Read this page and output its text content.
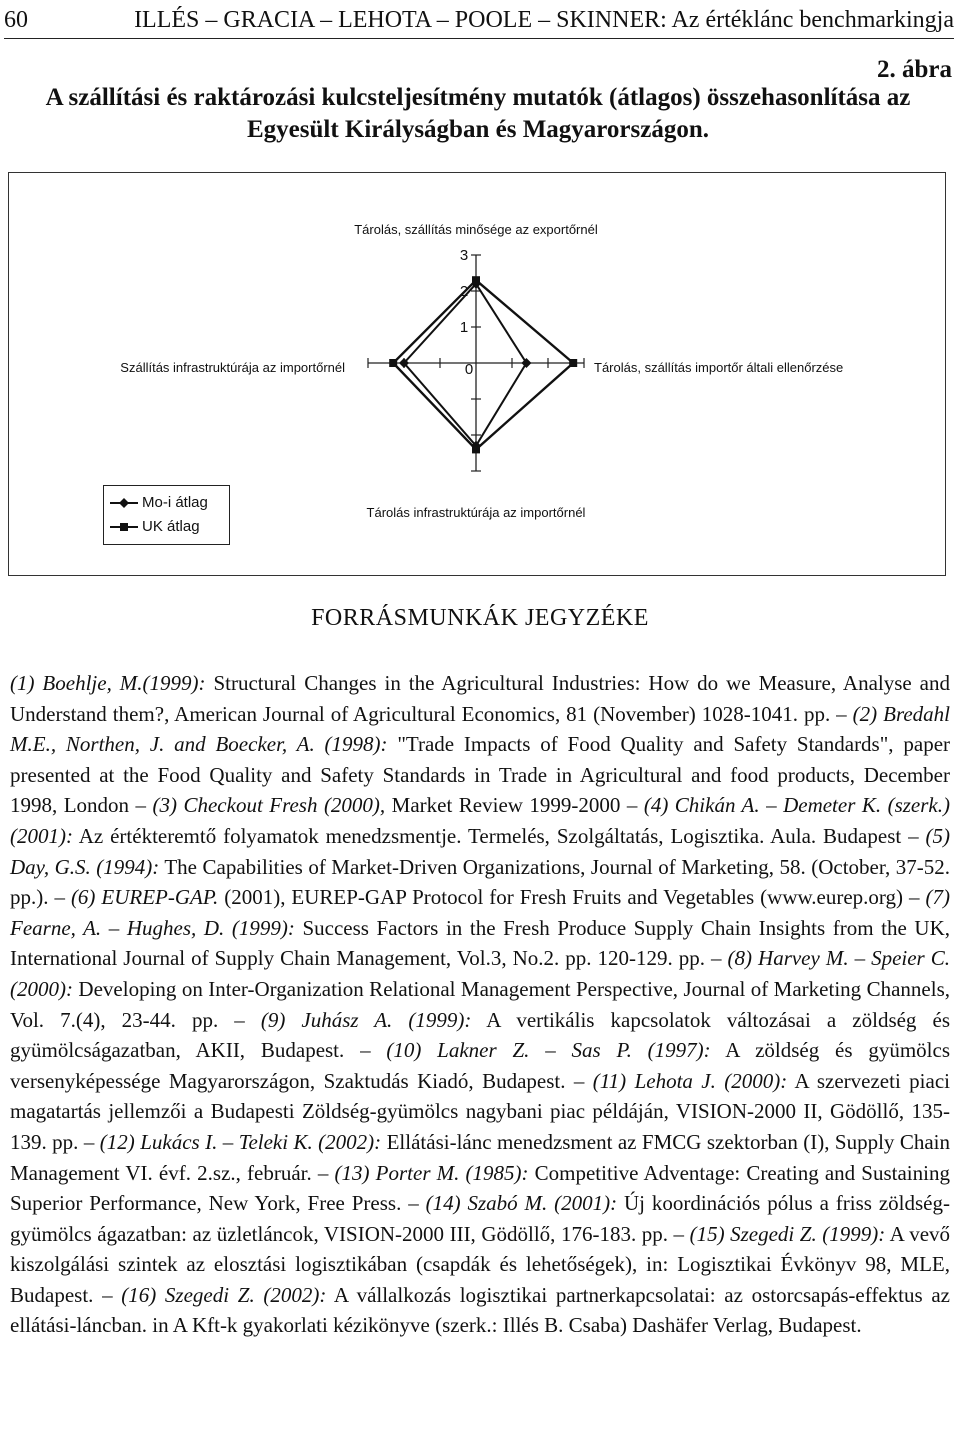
60	ILLÉS – GRACIA – LEHOTA – POOLE – SKINNER: Az értéklánc benchmarkingja
2. ábra
A szállítási és raktározási kulcsteljesítmény mutatók (átlagos) összehasonlítása az Egyesült Királyságban és Magyarországon.
0
1
2
3
Tárolás, szállítás minősége az exportőrnél
Tárolás, szállítás importőr általi ellenőrzése
Tárolás infrastruktúrája az importőrnél
Szállítás infrastruktúrája az importőrnél
Mo-i átlag
UK átlag
FORRÁSMUNKÁK JEGYZÉKE
(1) Boehlje, M.(1999): Structural Changes in the Agricultural Industries: How do we Measure, Analyse and Understand them?, American Journal of Agricultural Economics, 81 (November) 1028-1041. pp. – (2) Bredahl M.E., Northen, J. and Boecker, A. (1998): "Trade Impacts of Food Quality and Safety Standards", paper presented at the Food Quality and Safety Standards in Trade in Agricultural and food products, December 1998, London – (3) Checkout Fresh (2000), Market Review 1999-2000 – (4) Chikán A. – Demeter K. (szerk.) (2001): Az értékteremtő folyamatok menedzsmentje. Termelés, Szolgáltatás, Logisztika. Aula. Budapest – (5) Day, G.S. (1994): The Capabilities of Market-Driven Organizations, Journal of Marketing, 58. (October, 37-52. pp.). – (6) EUREP-GAP. (2001), EUREP-GAP Protocol for Fresh Fruits and Vegetables (www.eurep.org) – (7) Fearne, A. – Hughes, D. (1999): Success Factors in the Fresh Produce Supply Chain Insights from the UK, International Journal of Supply Chain Management, Vol.3, No.2. pp. 120-129. pp. – (8) Harvey M. – Speier C. (2000): Developing on Inter-Organization Relational Management Perspective, Journal of Marketing Channels, Vol. 7.(4), 23-44. pp. – (9) Juhász A. (1999): A vertikális kapcsolatok változásai a zöldség és gyümölcságazatban, AKII, Budapest. – (10) Lakner Z. – Sas P. (1997): A zöldség és gyümölcs versenyképessége Magyarországon, Szaktudás Kiadó, Budapest. – (11) Lehota J. (2000): A szervezeti piaci magatartás jellemzői a Budapesti Zöldség-gyümölcs nagybani piac példáján, VISION-2000 II, Gödöllő, 135-139. pp. – (12) Lukács I. – Teleki K. (2002): Ellátási-lánc menedzsment az FMCG szektorban (I), Supply Chain Management VI. évf. 2.sz., február. – (13) Porter M. (1985): Competitive Adventage: Creating and Sustaining Superior Performance, New York, Free Press. – (14) Szabó M. (2001): Új koordinációs pólus a friss zöldség-gyümölcs ágazatban: az üzletláncok, VISION-2000 III, Gödöllő, 176-183. pp. – (15) Szegedi Z. (1999): A vevő kiszolgálási szintek az elosztási logisztikában (csapdák és lehetőségek), in: Logisztikai Évkönyv 98, MLE, Budapest. – (16) Szegedi Z. (2002): A vállalkozás logisztikai partnerkapcsolatai: az ostorcsapás-effektus az ellátási-láncban. in A Kft-k gyakorlati kézikönyve (szerk.: Illés B. Csaba) Dashäfer Verlag, Budapest.
